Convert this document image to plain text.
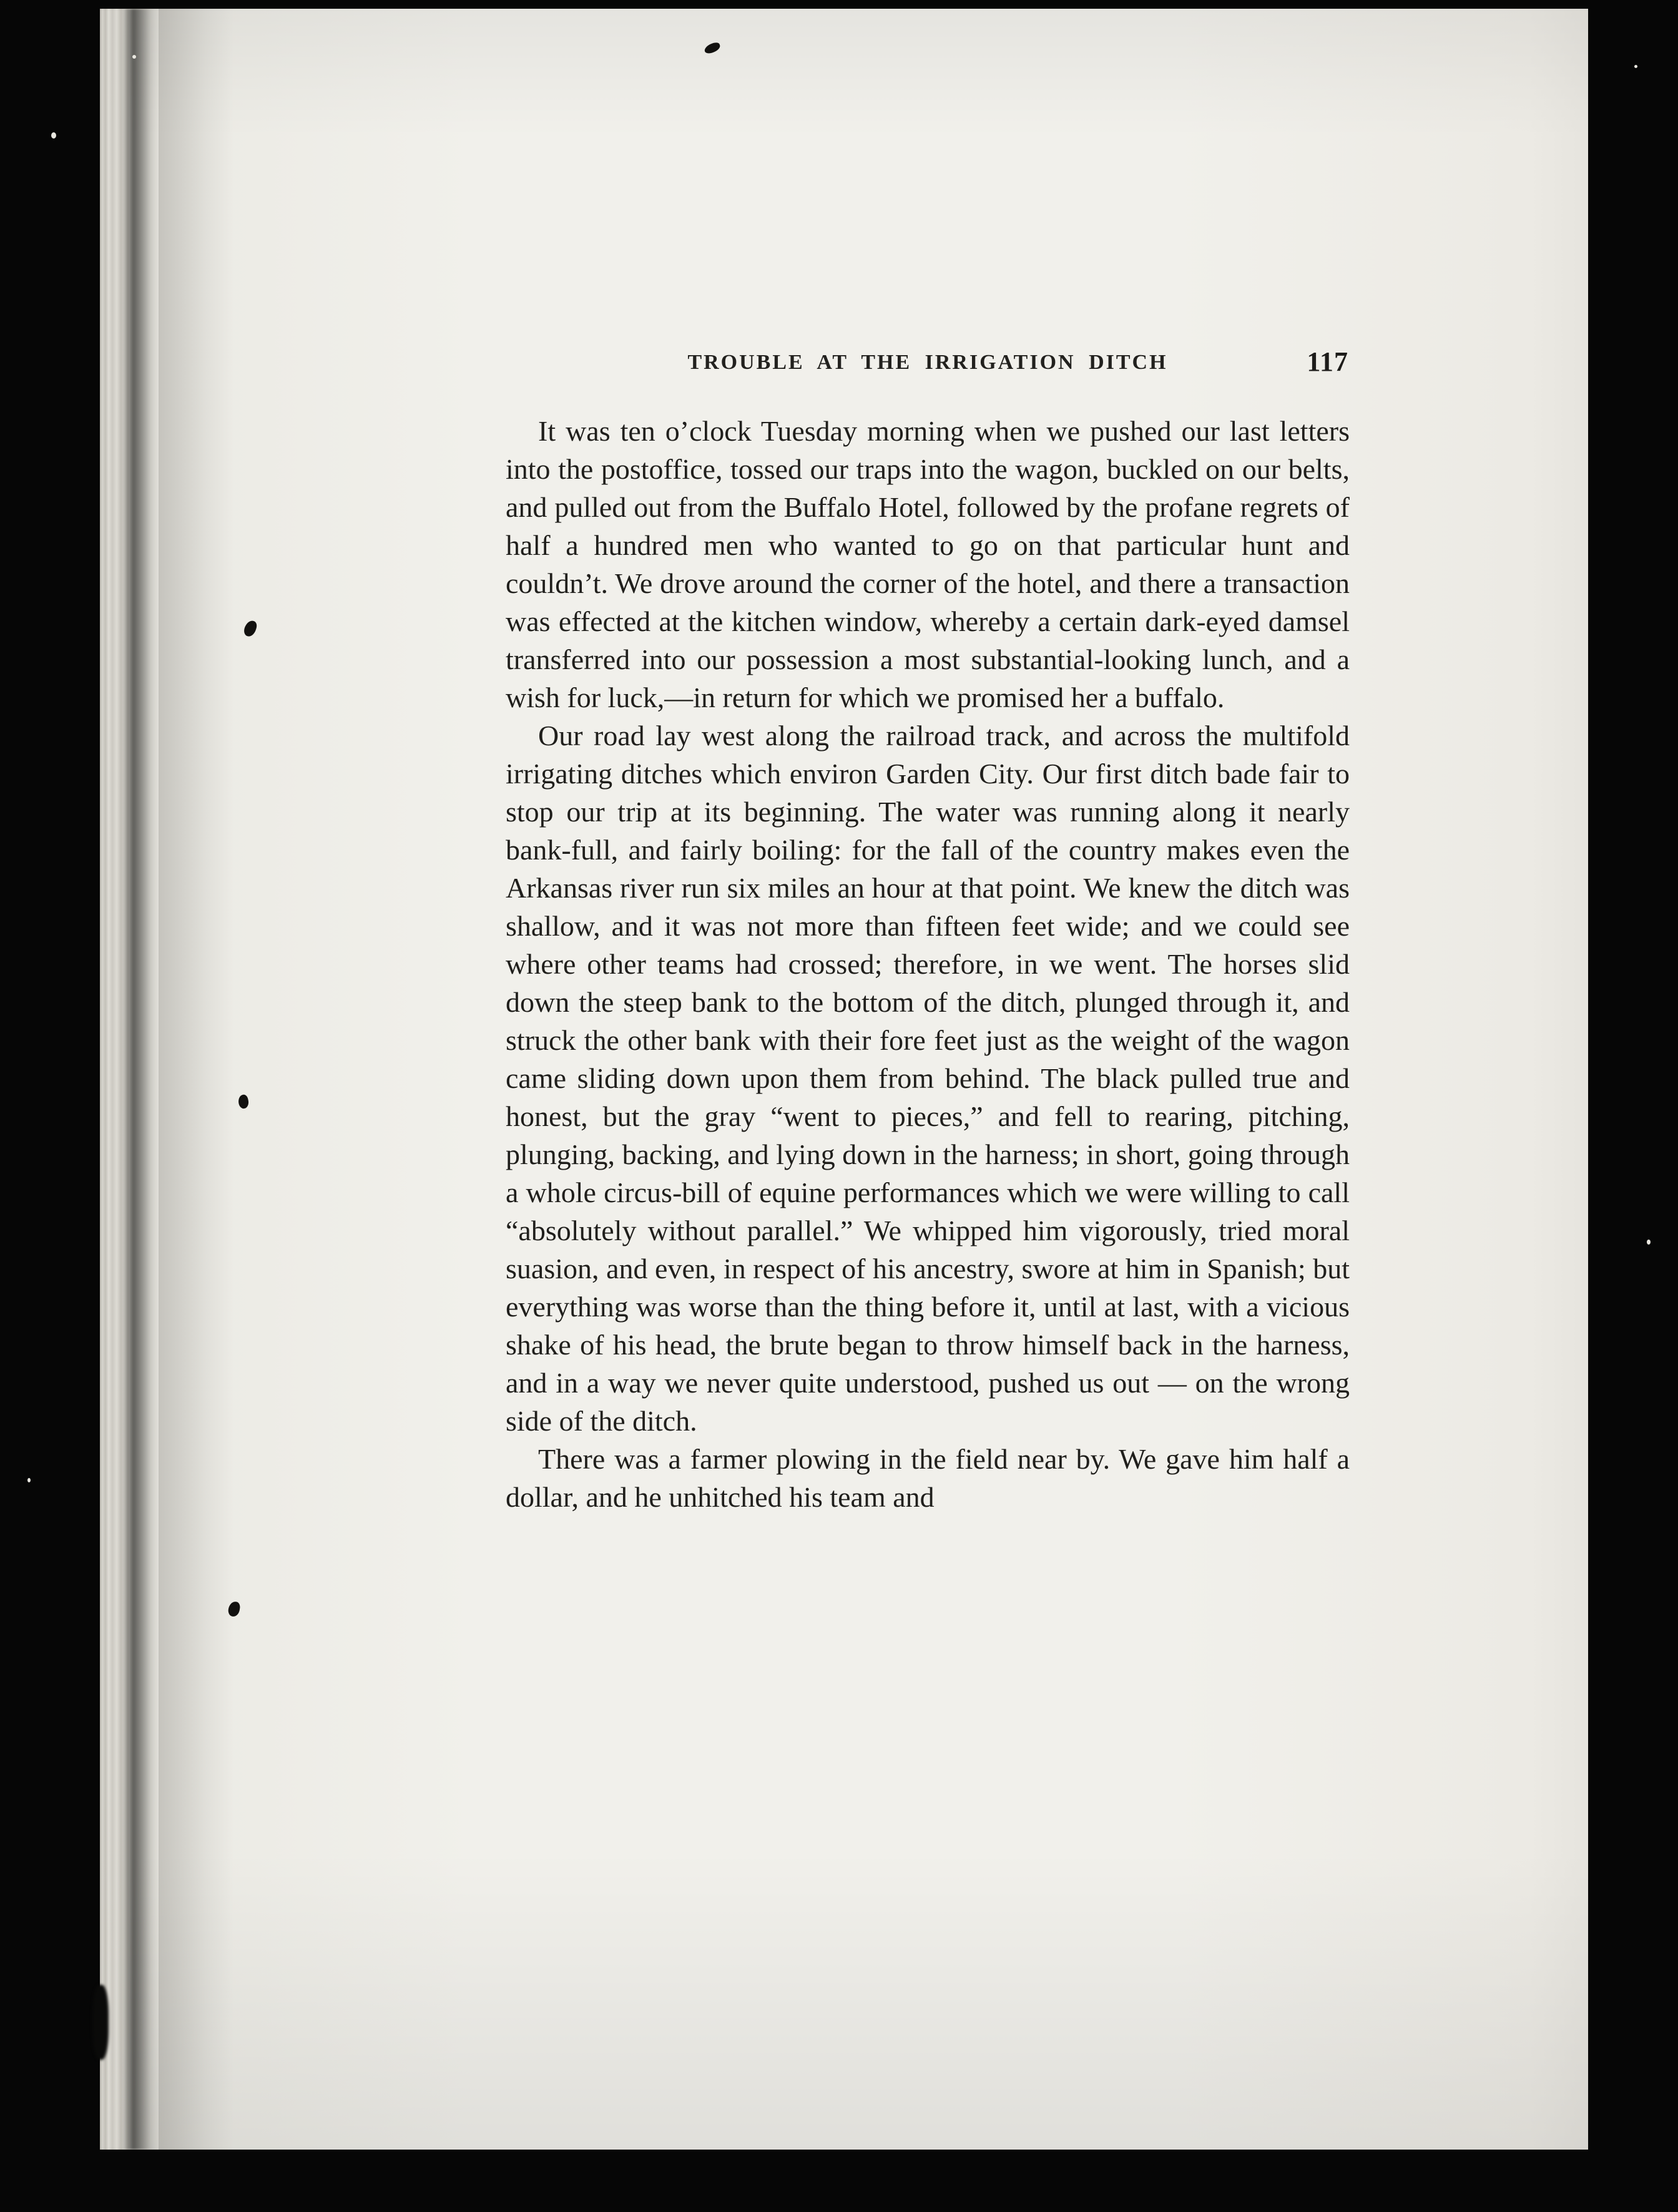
TROUBLE AT THE IRRIGATION DITCH	117

It was ten o’clock Tuesday morning when we pushed our last letters into the postoffice, tossed our traps into the wagon, buckled on our belts, and pulled out from the Buffalo Hotel, followed by the profane regrets of half a hundred men who wanted to go on that particular hunt and couldn’t. We drove around the corner of the hotel, and there a transaction was effected at the kitchen window, whereby a certain dark-eyed damsel transferred into our possession a most substantial-looking lunch, and a wish for luck,—in return for which we promised her a buffalo.

Our road lay west along the railroad track, and across the multifold irrigating ditches which environ Garden City. Our first ditch bade fair to stop our trip at its beginning. The water was running along it nearly bank-full, and fairly boiling: for the fall of the country makes even the Arkansas river run six miles an hour at that point. We knew the ditch was shallow, and it was not more than fifteen feet wide; and we could see where other teams had crossed; therefore, in we went. The horses slid down the steep bank to the bottom of the ditch, plunged through it, and struck the other bank with their fore feet just as the weight of the wagon came sliding down upon them from behind. The black pulled true and honest, but the gray “went to pieces,” and fell to rearing, pitching, plunging, backing, and lying down in the harness; in short, going through a whole circus-bill of equine performances which we were willing to call “absolutely without parallel.” We whipped him vigorously, tried moral suasion, and even, in respect of his ancestry, swore at him in Spanish; but everything was worse than the thing before it, until at last, with a vicious shake of his head, the brute began to throw himself back in the harness, and in a way we never quite understood, pushed us out — on the wrong side of the ditch.

There was a farmer plowing in the field near by. We gave him half a dollar, and he unhitched his team and
